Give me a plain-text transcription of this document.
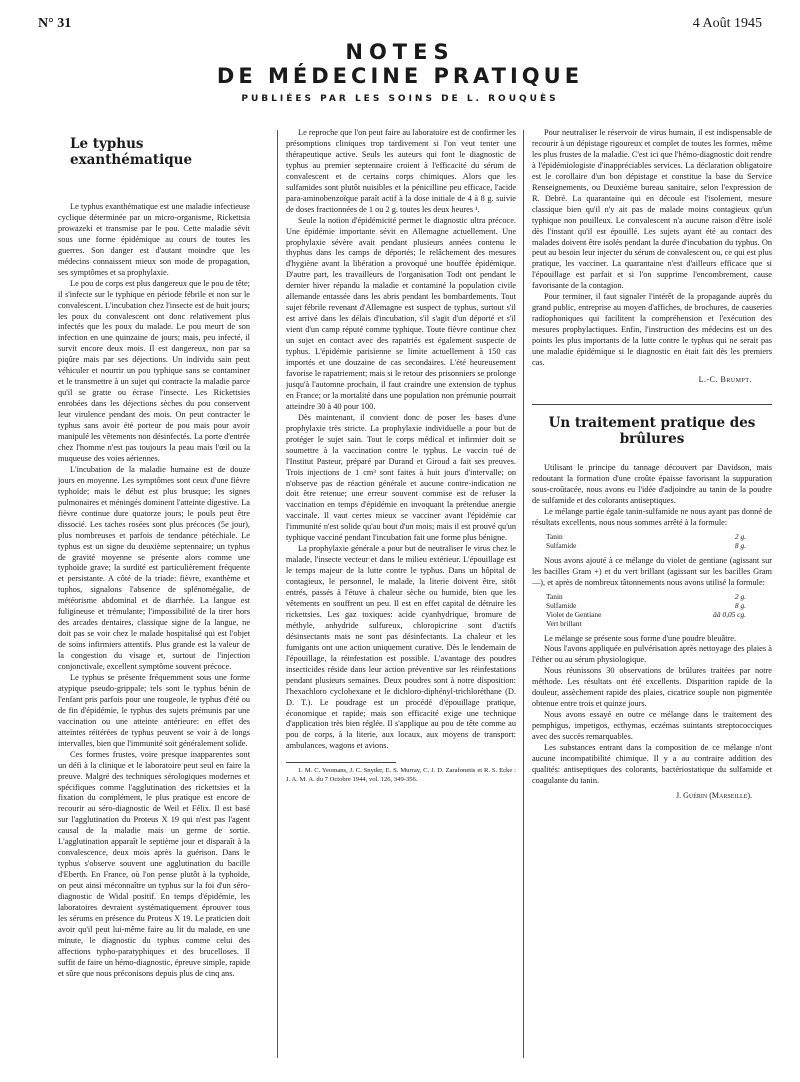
N° 31	4 Août 1945
NOTES
DE MÉDECINE PRATIQUE
PUBLIÉES PAR LES SOINS DE L. ROUQUÈS
Le typhus exanthématique

Le typhus exanthématique est une maladie infectieuse cyclique déterminée par un micro-organisme, Rickettsia prowazeki et transmise par le pou. Cette maladie sévit sous une forme épidémique au cours de toutes les guerres. Son danger est d'autant moindre que les médecins connaissent mieux son mode de propagation, ses symptômes et sa prophylaxie.

Le pou de corps est plus dangereux que le pou de tête; il s'infecte sur le typhique en période fébrile et non sur le convalescent. L'incubation chez l'insecte est de huit jours; les poux du convalescent ont donc relativement plus infectés que les poux du malade. Le pou meurt de son infection en une quinzaine de jours; mais, peu infecté, il survit encore deux mois. Il est dangereux, non par sa piqûre mais par ses déjections. Un individu sain peut véhiculer et nourrir un pou typhique sans se contaminer et le transmettre à un sujet qui contracte la maladie parce qu'il se gratte ou écrase l'insecte. Les Rickettsies enrobées dans les déjections sèches du pou conservent leur virulence pendant des mois. On peut contracter le typhus sans avoir été porteur de pou mais pour avoir manipulé les vêtements non désinfectés. La porte d'entrée chez l'homme n'est pas toujours la peau mais l'œil ou la muqueuse des voies aériennes.

L'incubation de la maladie humaine est de douze jours en moyenne. Les symptômes sont ceux d'une fièvre typhoïde; mais le début est plus brusque; les signes pulmonaires et méningés dominent l'atteinte digestive. La fièvre continue dure quatorze jours; le pouls peut être dissocié. Les taches rosées sont plus précoces (5e jour), plus nombreuses et parfois de tendance pétéchiale. Le typhus est un signe du deuxième septennaire; un typhus de gravité moyenne se présente alors comme une typhoïde grave; la surdité est particulièrement fréquente et persistante. A côté de la triade: fièvre, exanthème et tuphos, signalons l'absence de splénomégalie, de météorisme abdominal et de diarrhée. La langue est fuligineuse et trémulante; l'impossibilité de la tirer hors des arcades dentaires, classique signe de la langue, ne doit pas se voir chez le malade hospitalisé qui est l'objet de soins infirmiers attentifs. Plus grande est la valeur de la congestion du visage et, surtout de l'injection conjonctivale, excellent symptôme souvent précoce.

Le typhus se présente fréquemment sous une forme atypique pseudo-grippale; tels sont le typhus bénin de l'enfant pris parfois pour une rougeole, le typhus d'été ou de fin d'épidémie, le typhus des sujets prémunis par une vaccination ou une atteinte antérieure: en effet des atteintes réitérées de typhus peuvent se voir à de longs intervalles, bien que l'immunité soit généralement solide.

Ces formes frustes, voire presque inapparentes sont un défi à la clinique et le laboratoire peut seul en faire la preuve. Malgré des techniques sérologiques modernes et spécifiques comme l'agglutination des rickettsies et la fixation du complément, le plus pratique est encore de recourir au séro-diagnostic de Weil et Félix. Il est basé sur l'agglutination du Proteus X 19 qui n'est pas l'agent causal de la maladie mais un germe de sortie. L'agglutination apparaît le septième jour et disparaît à la convalescence, deux mois après la guérison. Dans le typhus s'observe souvent une agglutination du bacille d'Eberth. En France, où l'on pense plutôt à la typhoïde, on peut ainsi méconnaître un typhus sur la foi d'un séro-diagnostic de Widal positif. En temps d'épidémie, les laboratoires devraient systématiquement éprouver tous les sérums en présence du Proteus X 19. Le praticien doit avoir qu'il peut lui-même faire au lit du malade, en une minute, le diagnostic du typhus comme celui des affections typho-paratyphiques et des brucelloses. Il suffit de faire un hémo-diagnostic, épreuve simple, rapide et sûre que nous préconisons depuis plus de cinq ans.

Le reproche que l'on peut faire au laboratoire est de confirmer les présomptions cliniques trop tardivement si l'on veut tenter une thérapeutique active. Seuls les auteurs qui font le diagnostic de typhus au premier septennaire croient à l'efficacité du sérum de convalescent et de certains corps chimiques. Alors que les sulfamides sont plutôt nuisibles et la pénicilline peu efficace, l'acide para-aminobenzoïque paraît actif à la dose initiale de 4 à 8 g. suivie de doses fractionnées de 1 ou 2 g. toutes les deux heures ¹.

Seule la notion d'épidémicité permet le diagnostic ultra précoce. Une épidémie importante sévit en Allemagne actuellement. Une prophylaxie sévère avait pendant plusieurs années contenu le thyphus dans les camps de déportés; le relâchement des mesures d'hygiène avant la libération a provoqué une bouffée épidémique. D'autre part, les travailleurs de l'organisation Todt ont pendant le dernier hiver répandu la maladie et contaminé la population civile allemande entassée dans les abris pendant les bombardements. Tout sujet fébrile revenant d'Allemagne est suspect de typhus, surtout s'il est arrivé dans les délais d'incubation, s'il s'agit d'un déporté et s'il vient d'un camp réputé comme typhique. Toute fièvre continue chez un sujet en contact avec des rapatriés est également suspecte de typhus. L'épidémie parisienne se limite actuellement à 150 cas importés et une douzaine de cas secondaires. L'été heureusement favorise le rapatriement; mais si le retour des prisonniers se prolonge jusqu'à l'automne prochain, il faut craindre une extension de typhus en France; or la mortalité dans une population non prémunie pourrait atteindre 30 à 40 pour 100.

Dès maintenant, il convient donc de poser les bases d'une prophylaxie très stricte. La prophylaxie individuelle a pour but de protéger le sujet sain. Tout le corps médical et infirmier doit se soumettre à la vaccination contre le typhus. Le vaccin tué de l'Institut Pasteur, préparé par Durand et Giroud a fait ses preuves. Trois injections de 1 cm³ sont faites à huit jours d'intervalle; on n'observe pas de réaction générale et aucune contre-indication ne doit être retenue; une erreur souvent commise est de refuser la vaccination en temps d'épidémie en invoquant la prétendue anergie vaccinale. Il vaut certes mieux se vacciner avant l'épidémie car l'immunité n'est solide qu'au bout d'un mois; mais il est prouvé qu'un typhique vacciné pendant l'incubation fait une forme plus bénigne.

La prophylaxie générale a pour but de neutraliser le virus chez le malade, l'insecte vecteur et dans le milieu extérieur. L'épouillage est le temps majeur de la lutte contre le typhus. Dans un hôpital de contagieux, le personnel, le malade, la literie doivent être, sitôt entrés, passés à l'étuve à chaleur sèche ou humide, bien que les vêtements en souffrent un peu. Il est en effet capital de détruire les rickettsies. Les gaz toxiques: acide cyanhydrique, bromure de méthyle, anhydride sulfureux, chloropicrine sont d'actifs désinsectants mais ne sont pas désinfectants. La chaleur et les fumigants ont une action uniquement curative. Dès le lendemain de l'épouillage, la réinfestation est possible. L'avantage des poudres insecticides réside dans leur action préventive sur les réinfestations pendant plusieurs semaines. Deux poudres sont à notre disposition: l'hexachloro cyclohexane et le dichloro-diphényl-trichloréthane (D. D. T.). Le poudrage est un procédé d'épouillage pratique, économique et rapide; mais son efficacité exige une technique d'application très bien réglée. Il s'applique au pou de tête comme au pou de corps, à la literie, aux locaux, aux moyens de transport: ambulances, wagons et avions.

1. M. C. Yeomans, J. C. Snyder, E. S. Murray, C. J. D. Zarafonetis et R. S. Ecke : J. A. M. A. du 7 Octobre 1944, vol. 126, 349-356.

Pour neutraliser le réservoir de virus humain, il est indispensable de recourir à un dépistage rigoureux et complet de toutes les formes, même les plus frustes de la maladie. C'est ici que l'hémo-diagnostic doit rendre à l'épidémiologiste d'inappréciables services. La déclaration obligatoire est le corollaire d'un bon dépistage et constitue la base du Service Renseignements, ou Deuxième bureau sanitaire, selon l'expression de R. Debré. La quarantaine qui en découle est l'isolement, mesure classique bien qu'il n'y ait pas de malade moins contagieux qu'un typhique non pouilleux. Le convalescent n'a aucune raison d'être isolé dès l'instant qu'il est épouillé. Les sujets ayant été au contact des malades doivent être isolés pendant la durée d'incubation du typhus. On peut au besoin leur injecter du sérum de convalescent ou, ce qui est plus pratique, les vacciner. La quarantaine n'est d'ailleurs efficace que si l'épouillage est parfait et si l'on supprime l'encombrement, cause favorisante de la contagion.

Pour terminer, il faut signaler l'intérêt de la propagande auprès du grand public, entreprise au moyen d'affiches, de brochures, de causeries radiophoniques qui facilitent la compréhension et l'exécution des mesures prophylactiques. Enfin, l'instruction des médecins est un des points les plus importants de la lutte contre le typhus qui ne serait pas une maladie épidémique si le diagnostic en était fait dès les premiers cas.

L.-C. Brumpt.
Un traitement pratique des brûlures

Utilisant le principe du tannage découvert par Davidson, mais redoutant la formation d'une croûte épaisse favorisant la suppuration sous-croûtacée, nous avons eu l'idée d'adjoindre au tanin de la poudre de sulfamide et des colorants antiseptiques.

Le mélange partie égale tanin-sulfamide ne nous ayant pas donné de résultats excellents, nous nous sommes arrêté à la formule:

Tanin	2 g.
Sulfamide	8 g.

Nous avons ajouté à ce mélange du violet de gentiane (agissant sur les bacilles Gram +) et du vert brillant (agissant sur les bacilles Gram —), et après de nombreux tâtonnements nous avons utilisé la formule:

Tanin	2 g.
Sulfamide	8 g.
Violet de Gentiane	ââ 0,05 cg.
Vert brillant

Le mélange se présente sous forme d'une poudre bleuâtre.

Nous l'avons appliquée en pulvérisation après nettoyage des plaies à l'éther ou au sérum physiologique.

Nous réunissons 30 observations de brûlures traitées par notre méthode. Les résultats ont été excellents. Disparition rapide de la douleur, assèchement rapide des plaies, cicatrice souple non pigmentée obtenue entre trois et quinze jours.

Nous avons essayé en outre ce mélange dans le traitement des pemphigus, impetigos, ecthymas, eczémas suintants streptococciques avec des succès remarquables.

Les substances entrant dans la composition de ce mélange n'ont aucune incompatibilité chimique. Il y a au contraire addition des qualités: antiseptiques des colorants, bactériostatique du sulfamide et coagulante du tanin.

J. Guérin (Marseille).
